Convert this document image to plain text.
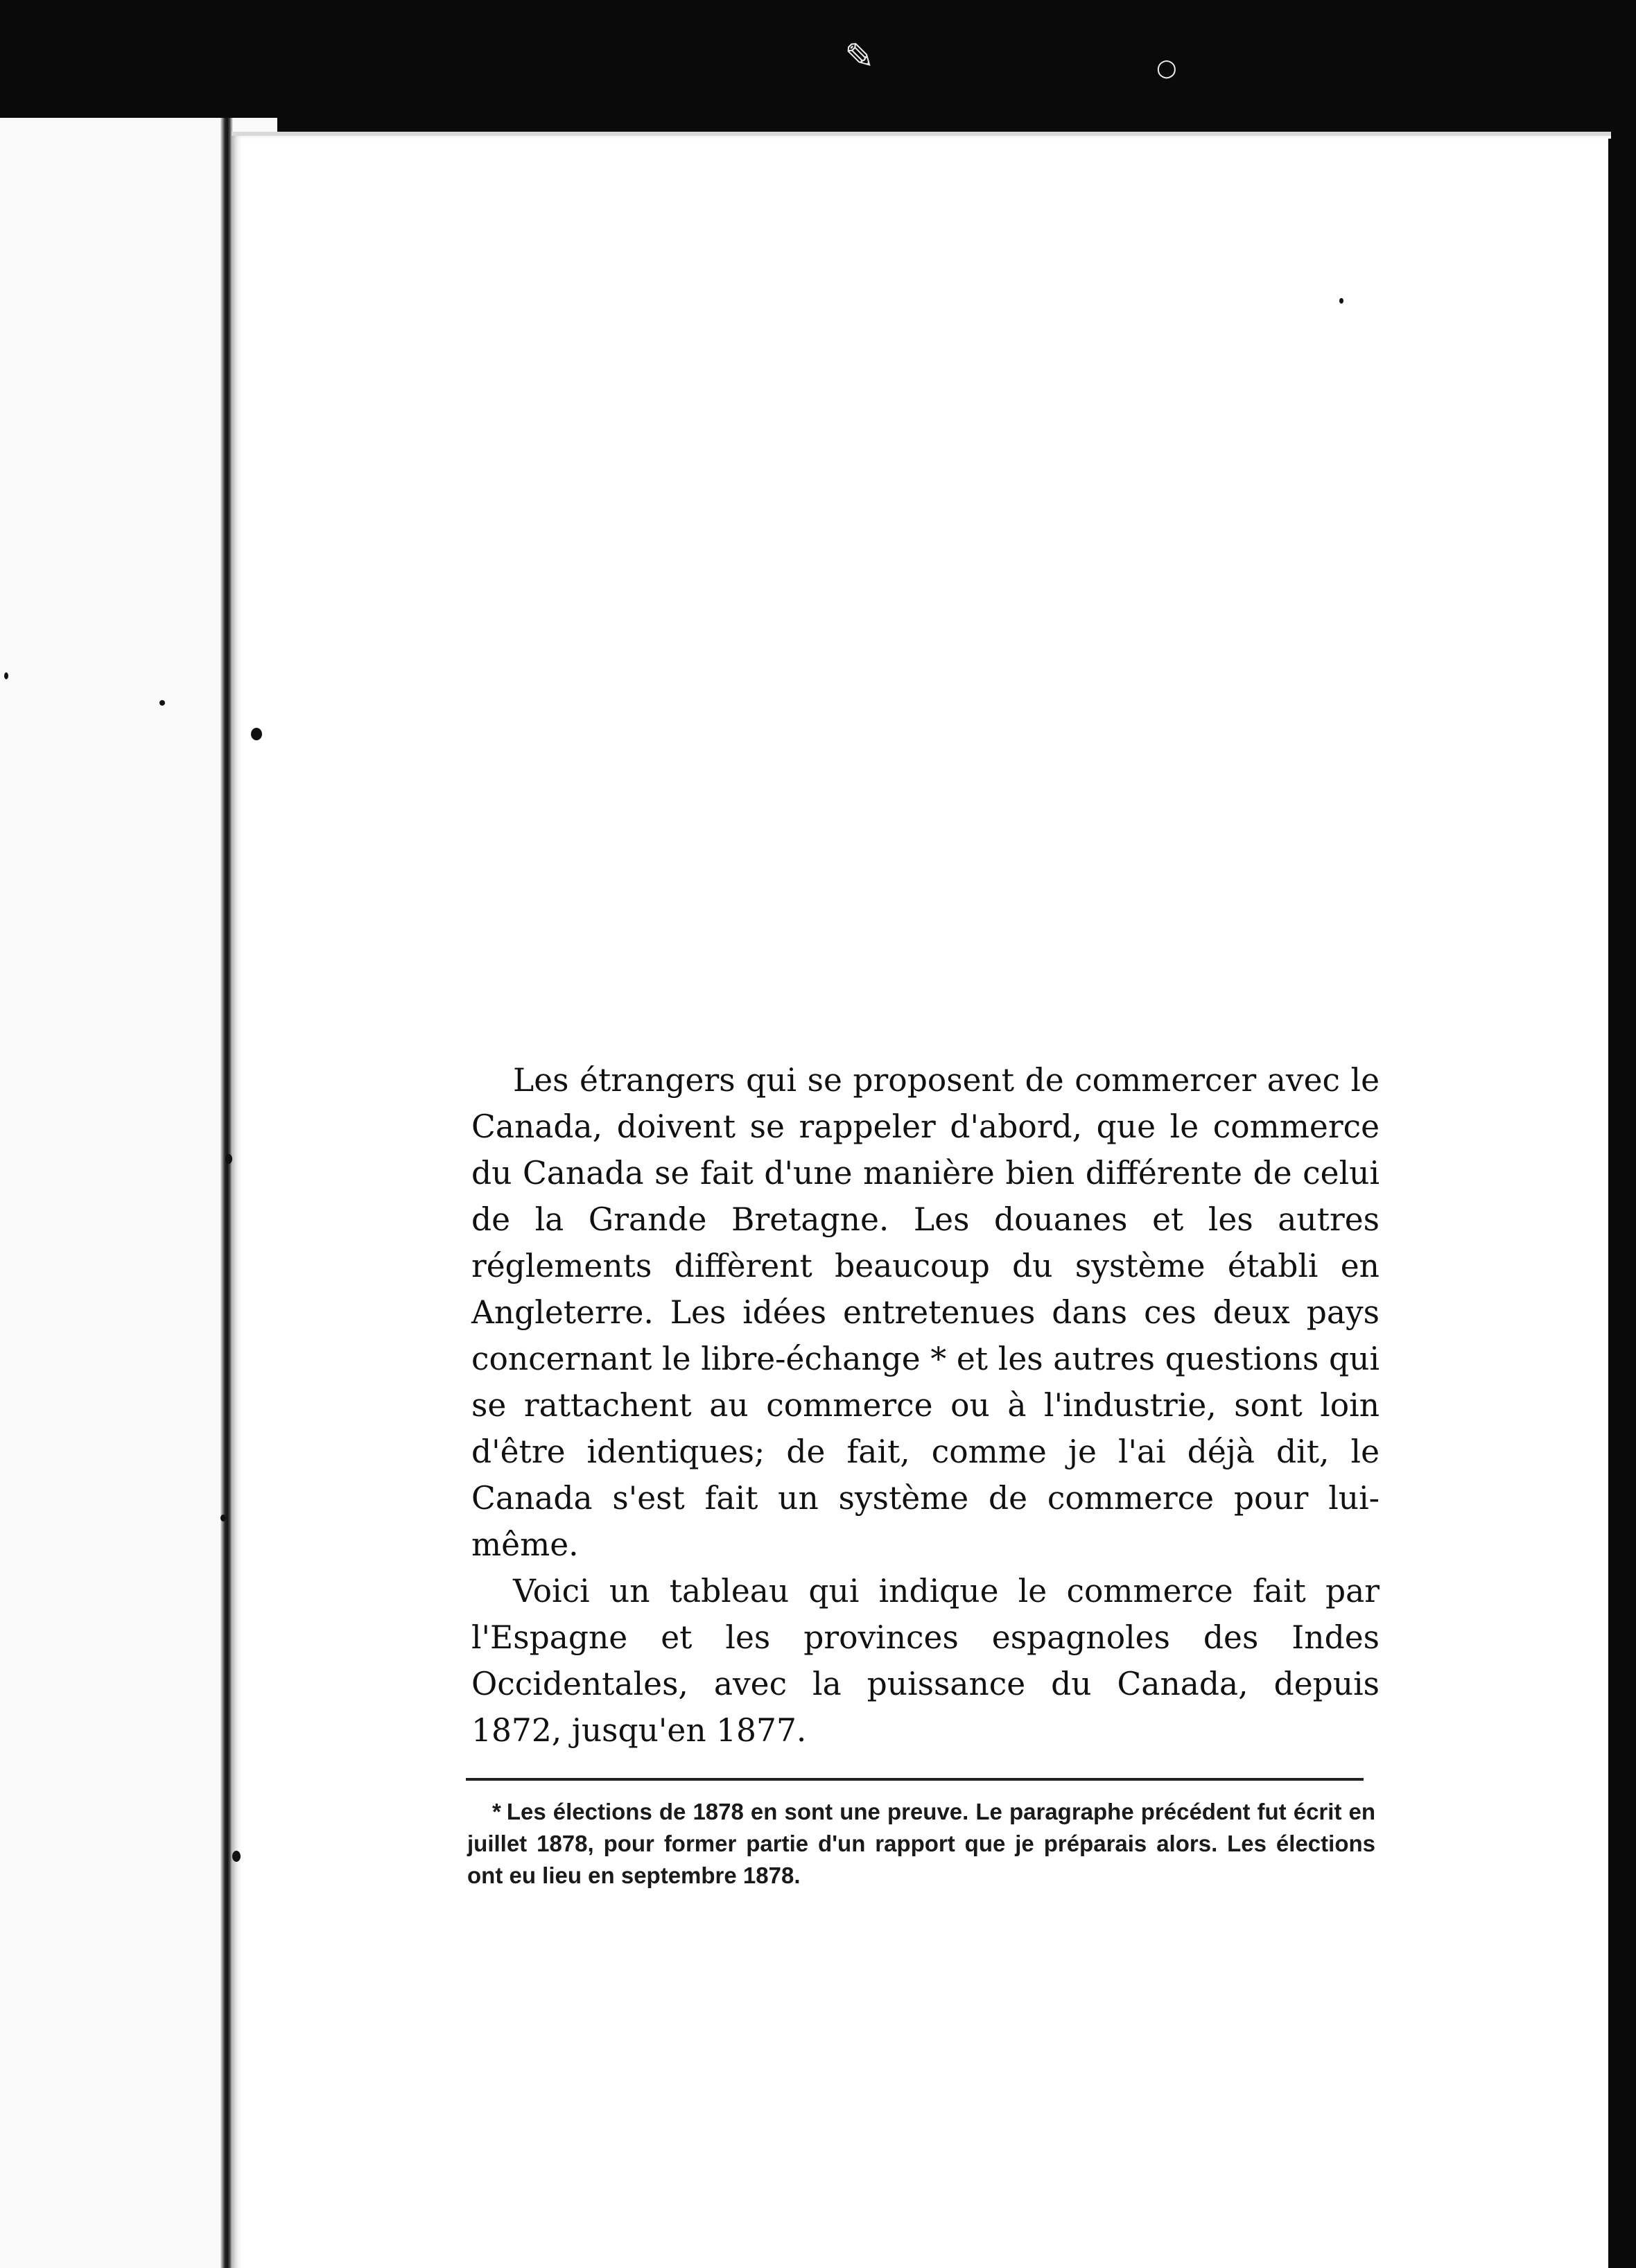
✎	○

Les étrangers qui se proposent de commercer avec le Canada, doivent se rappeler d'abord, que le commerce du Canada se fait d'une manière bien différente de celui de la Grande Bretagne. Les douanes et les autres réglements diffèrent beaucoup du système établi en Angleterre. Les idées entretenues dans ces deux pays concernant le libre-échange * et les autres questions qui se rattachent au commerce ou à l'industrie, sont loin d'être identiques; de fait, comme je l'ai déjà dit, le Canada s'est fait un système de commerce pour lui-même.

Voici un tableau qui indique le commerce fait par l'Espagne et les provinces espagnoles des Indes Occidentales, avec la puissance du Canada, depuis 1872, jusqu'en 1877.

* Les élections de 1878 en sont une preuve. Le paragraphe précédent fut écrit en juillet 1878, pour former partie d'un rapport que je préparais alors. Les élections ont eu lieu en septembre 1878.
